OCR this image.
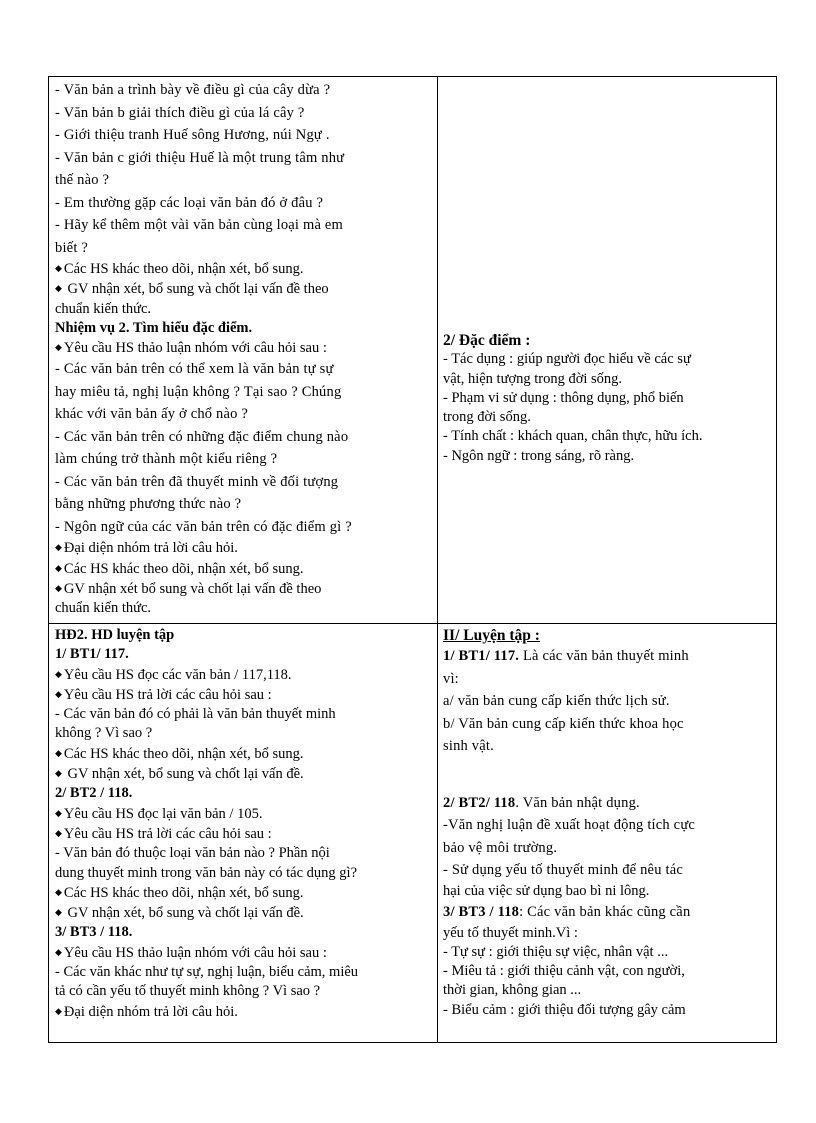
- Văn bản a trình bày về điều gì của cây dừa ?
- Văn bản b giải thích điều gì của lá cây ?
- Giới thiệu tranh Huế sông Hương, núi Ngự .
- Văn bản c giới thiệu Huế là một trung tâm như
thế nào ?
- Em thường gặp các loại văn bản đó ở đâu ?
- Hãy kể thêm một vài văn bản cùng loại mà em
biết ?
◆ Các HS khác theo dõi, nhận xét, bổ sung.
◆ GV nhận xét, bổ sung và chốt lại vấn đề theo
chuẩn kiến thức.
Nhiệm vụ 2. Tìm hiểu đặc điểm.
◆ Yêu cầu HS thảo luận nhóm với câu hỏi sau :
- Các văn bản trên có thể xem là văn bản tự sự
hay miêu tả, nghị luận không ? Tại sao ? Chúng
khác với văn bản ấy ở chổ nào ?
- Các văn bản trên có những đặc điểm chung nào
làm chúng trở thành một kiểu riêng ?
- Các văn bản trên đã thuyết minh về đối tượng
bằng những phương thức nào ?
- Ngôn ngữ của các văn bản trên có đặc điểm gì ?
◆ Đại diện nhóm trả lời câu hỏi.
◆ Các HS khác theo dõi, nhận xét, bổ sung.
◆ GV nhận xét bổ sung và chốt lại vấn đề theo
chuẩn kiến thức.
2/ Đặc điểm :
- Tác dụng : giúp người đọc hiểu về các sự
vật, hiện tượng trong đời sống.
- Phạm vi sử dụng : thông dụng, phổ biến
trong đời sống.
- Tính chất : khách quan, chân thực, hữu ích.
- Ngôn ngữ : trong sáng, rõ ràng.
HĐ2. HD luyện tập
1/ BT1/ 117.
◆ Yêu cầu HS đọc các văn bản / 117,118.
◆ Yêu cầu HS trả lời các câu hỏi sau :
- Các văn bản đó có phải là văn bản thuyết minh
không ? Vì sao ?
◆ Các HS khác theo dõi, nhận xét, bổ sung.
◆ GV nhận xét, bổ sung và chốt lại vấn đề.
2/ BT2 / 118.
◆ Yêu cầu HS đọc lại văn bản / 105.
◆ Yêu cầu HS trả lời các câu hỏi sau :
- Văn bản đó thuộc loại văn bản nào ? Phần nội
dung thuyết minh trong văn bản này có tác dụng gì?
◆ Các HS khác theo dõi, nhận xét, bổ sung.
◆ GV nhận xét, bổ sung và chốt lại vấn đề.
3/ BT3 / 118.
◆ Yêu cầu HS thảo luận nhóm với câu hỏi sau :
- Các văn khác như tự sự, nghị luận, biểu cảm, miêu
tả có cần yếu tố thuyết minh không ? Vì sao ?
◆ Đại diện nhóm trả lời câu hỏi.
II/ Luyện tập :
1/ BT1/ 117. Là các văn bản thuyết minh
vì:
a/ văn bản cung cấp kiến thức lịch sử.
b/ Văn bản cung cấp kiến thức khoa học
sinh vật.
2/ BT2/ 118. Văn bản nhật dụng.
-Văn nghị luận đề xuất hoạt động tích cực
bảo vệ môi trường.
- Sử dụng yếu tố thuyết minh để nêu tác
hại của việc sử dụng bao bì ni lông.
3/ BT3 / 118: Các văn bản khác cũng cần
yếu tố thuyết minh.Vì :
- Tự sự : giới thiệu sự việc, nhân vật ...
- Miêu tả : giới thiệu cảnh vật, con người,
thời gian, không gian ...
- Biểu cảm : giới thiệu đối tượng gây cảm
